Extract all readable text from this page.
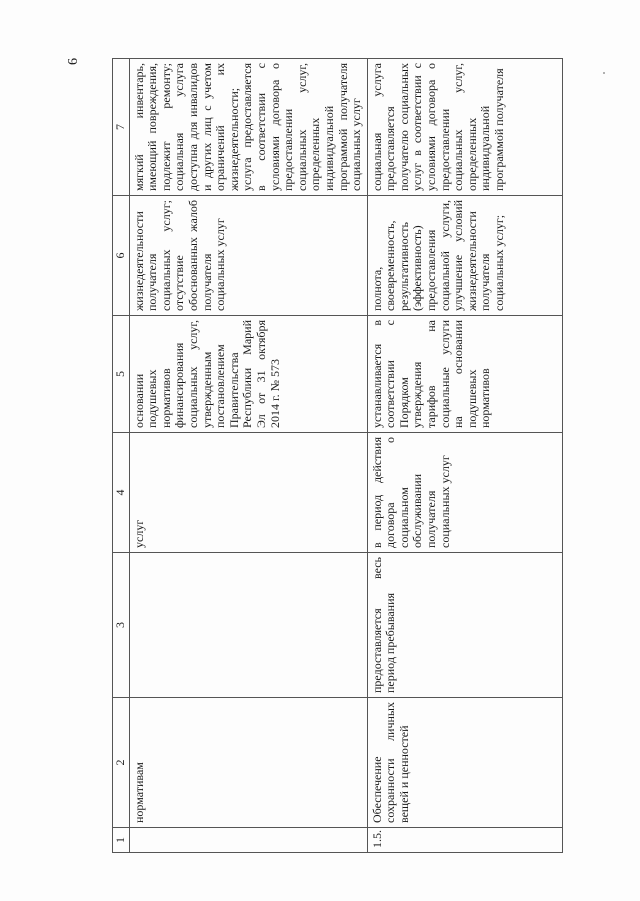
6
1	2	3	4	5	6	7
	нормативам		услуг	основании подушевых нормативов финансирования социальных услуг, утвержденным постановлением Правительства Республики Марий Эл от 31 октября 2014 г. № 573	жизнедеятельности получателя социальных услуг; отсутствие обоснованных жалоб получателя социальных услуг	мягкий инвентарь, имеющий повреждения, подлежит ремонту; социальная услуга доступна для инвалидов и других лиц с учетом ограничений их жизнедеятельности; услуга предоставляется в соответствии с условиями договора о предоставлении социальных услуг, определенных индивидуальной программой получателя социальных услуг
1.5.	Обеспечение сохранности личных вещей и ценностей	предоставляется весь период пребывания	в период действия договора о социальном обслуживании получателя социальных услуг	устанавливается в соответствии с Порядком утверждения тарифов на социальные услуги на основании подушевых нормативов	полнота, своевременность, результативность (эффективность) предоставления социальной услуги, улучшение условий жизнедеятельности получателя социальных услуг;	социальная услуга предоставляется получателю социальных услуг в соответствии с условиями договора о предоставлении социальных услуг, определенных индивидуальной программой получателя
